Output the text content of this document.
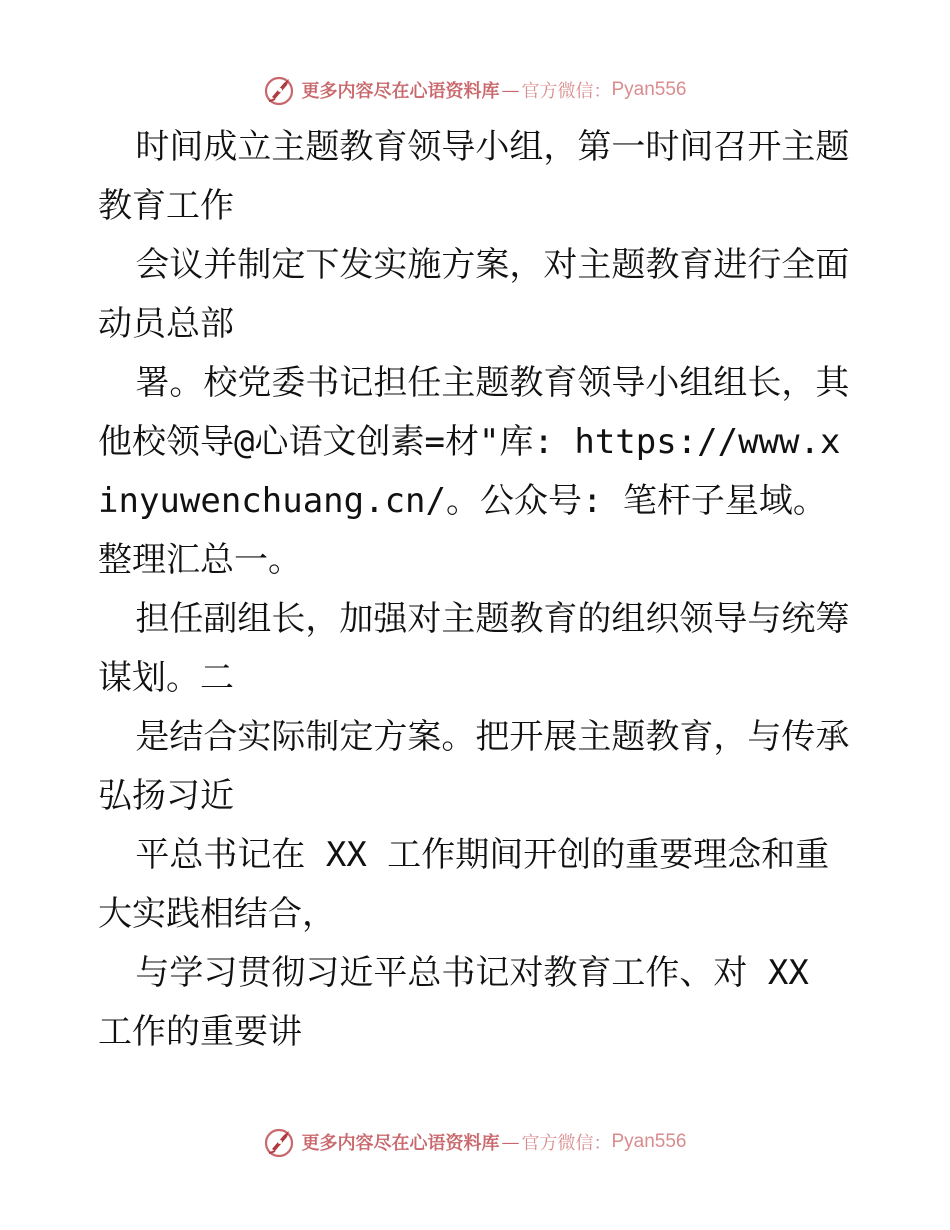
更多内容尽在心语资料库 — 官方微信： Pyan556

时间成立主题教育领导小组，第一时间召开主题教育工作

会议并制定下发实施方案，对主题教育进行全面动员总部

署。校党委书记担任主题教育领导小组组长，其他校领导@心语文创素=材"库: https://www.xinyuwenchuang.cn/。公众号: 笔杆子星域。整理汇总一。

担任副组长，加强对主题教育的组织领导与统筹谋划。二

是结合实际制定方案。把开展主题教育，与传承弘扬习近

平总书记在 XX 工作期间开创的重要理念和重大实践相结合，

与学习贯彻习近平总书记对教育工作、对 XX 工作的重要讲

更多内容尽在心语资料库 — 官方微信： Pyan556
